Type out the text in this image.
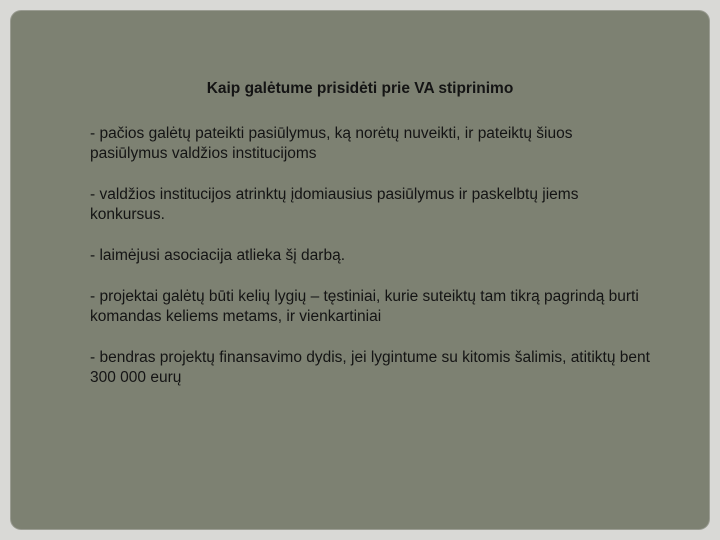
Kaip galėtume prisidėti prie VA stiprinimo
- pačios galėtų pateikti pasiūlymus, ką norėtų nuveikti, ir pateiktų šiuos pasiūlymus valdžios institucijoms
- valdžios institucijos atrinktų įdomiausius pasiūlymus ir paskelbtų jiems konkursus.
- laimėjusi asociacija atlieka šį darbą.
- projektai galėtų būti kelių lygių – tęstiniai, kurie suteiktų tam tikrą pagrindą burti komandas keliems metams, ir vienkartiniai
- bendras projektų finansavimo dydis, jei lygintume su kitomis šalimis, atitiktų bent 300 000 eurų
